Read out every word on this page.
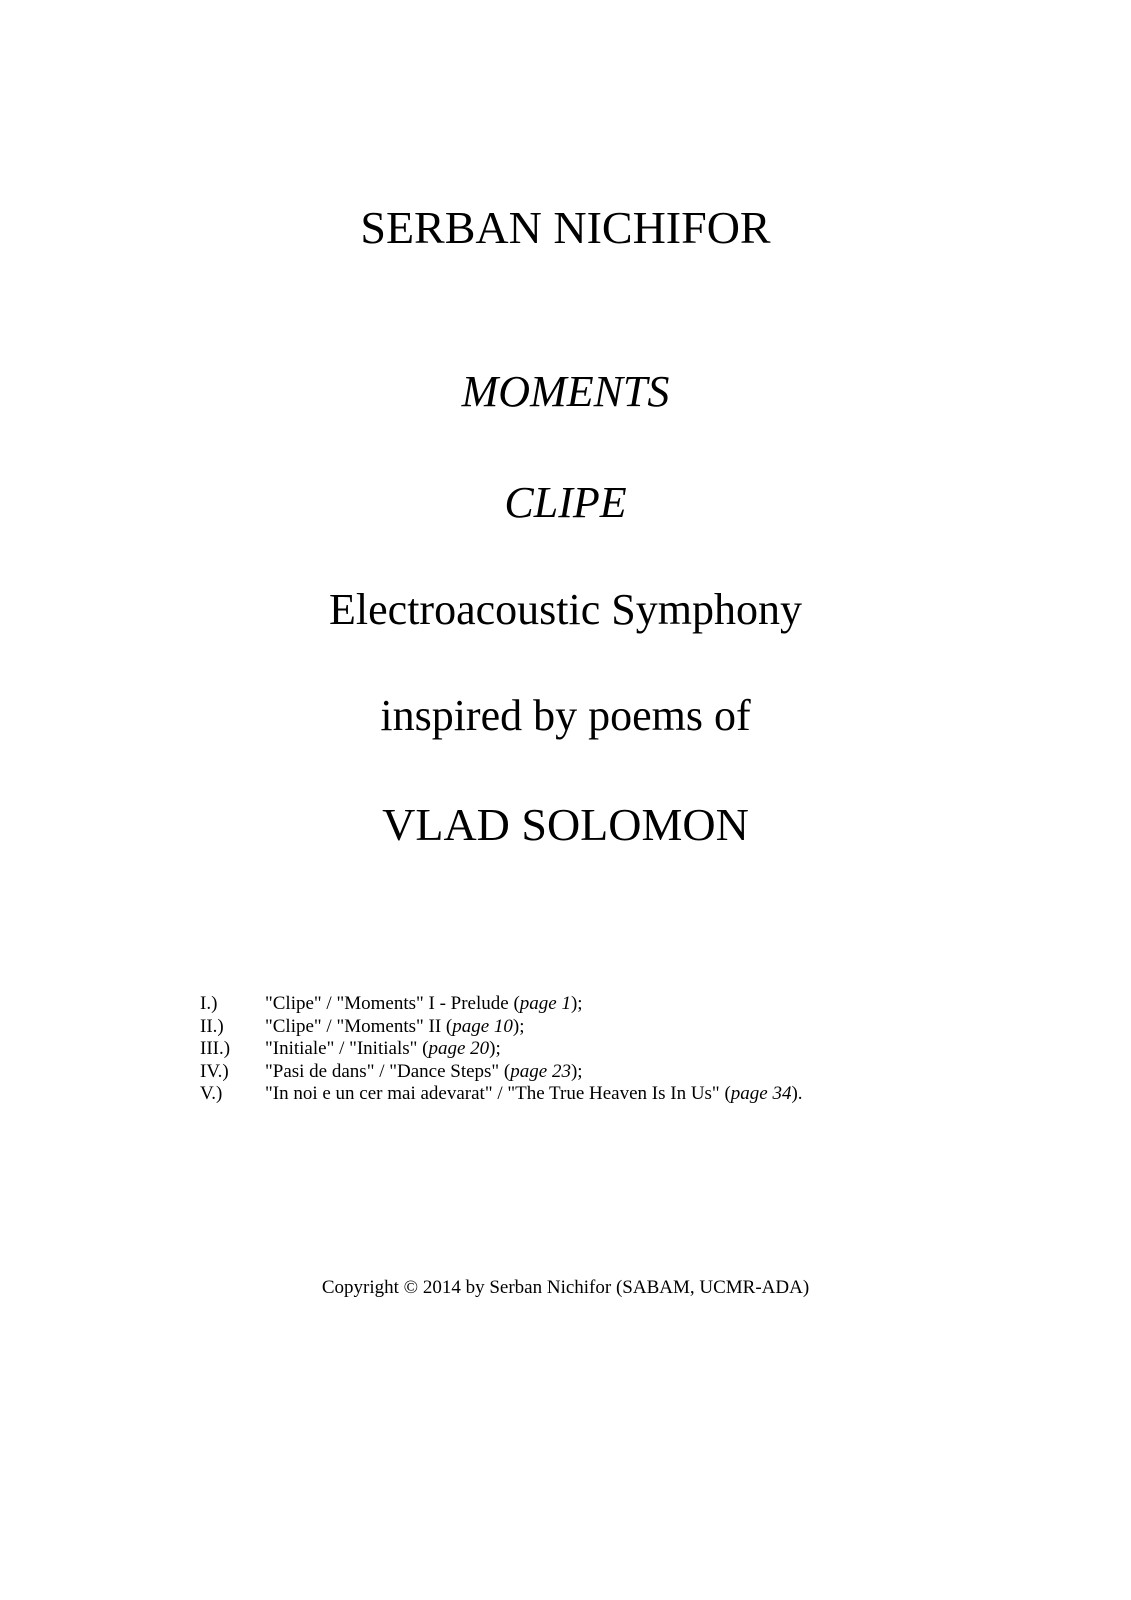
SERBAN NICHIFOR
MOMENTS
CLIPE
Electroacoustic Symphony
inspired by poems of
VLAD SOLOMON
I.)	"Clipe" / "Moments" I - Prelude (page 1);
II.) "Clipe" / "Moments" II (page 10);
III.) "Initiale" / "Initials" (page 20);
IV.) "Pasi de dans" / "Dance Steps" (page 23);
V.) "In noi e un cer mai adevarat" / "The True Heaven Is In Us" (page 34).
Copyright © 2014 by Serban Nichifor (SABAM, UCMR-ADA)
